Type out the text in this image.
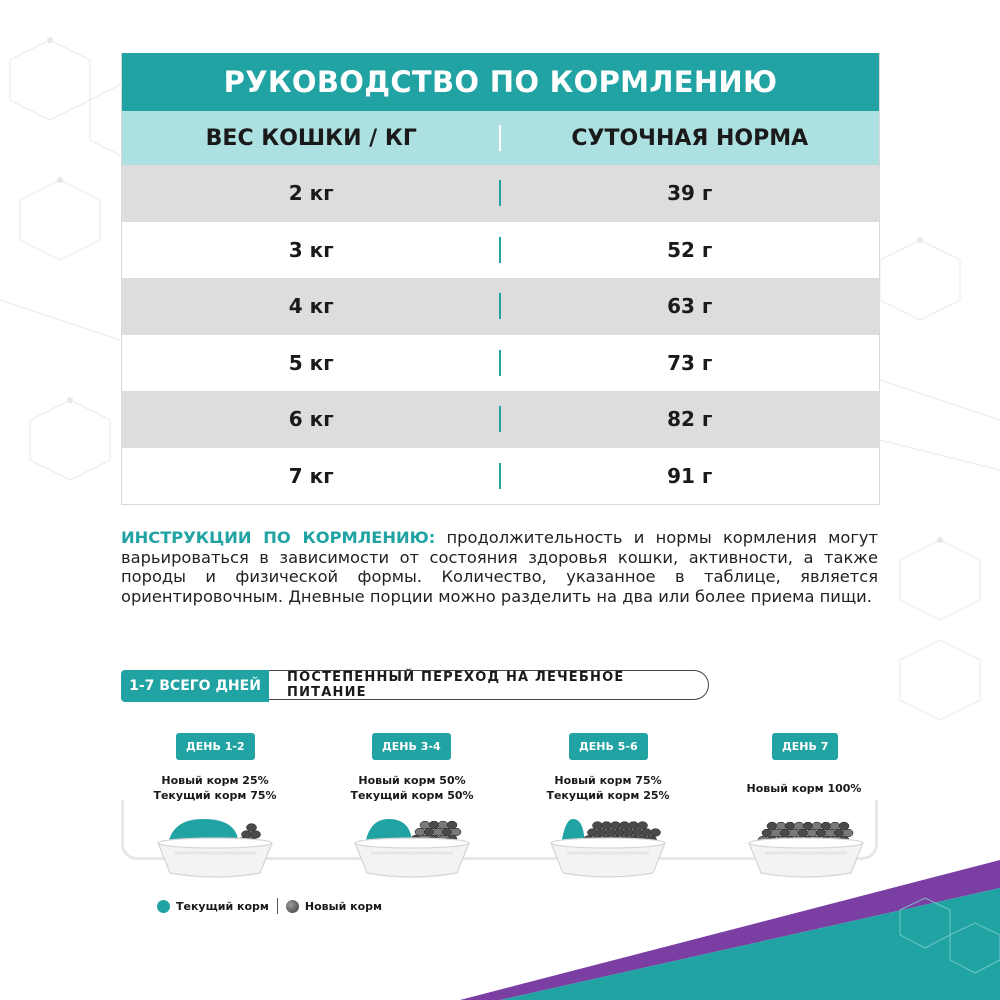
РУКОВОДСТВО ПО КОРМЛЕНИЮ
ВЕС КОШКИ / КГ	СУТОЧНАЯ НОРМА
2 кг	39 г
3 кг	52 г
4 кг	63 г
5 кг	73 г
6 кг	82 г
7 кг	91 г
ИНСТРУКЦИИ ПО КОРМЛЕНИЮ: продолжительность и нормы кормления могут варьироваться в зависимости от состояния здоровья кошки, активности, а также породы и физической формы. Количество, указанное в таблице, является ориентировочным. Дневные порции можно разделить на два или более приема пищи.
1-7 ВСЕГО ДНЕЙ
ПОСТЕПЕННЫЙ ПЕРЕХОД НА ЛЕЧЕБНОЕ ПИТАНИЕ
ДЕНЬ 1-2
Новый корм 25%
Текущий корм 75%
ДЕНЬ 3-4
Новый корм 50%
Текущий корм 50%
ДЕНЬ 5-6
Новый корм 75%
Текущий корм 25%
ДЕНЬ 7
Новый корм 100%
Текущий корм	Новый корм
